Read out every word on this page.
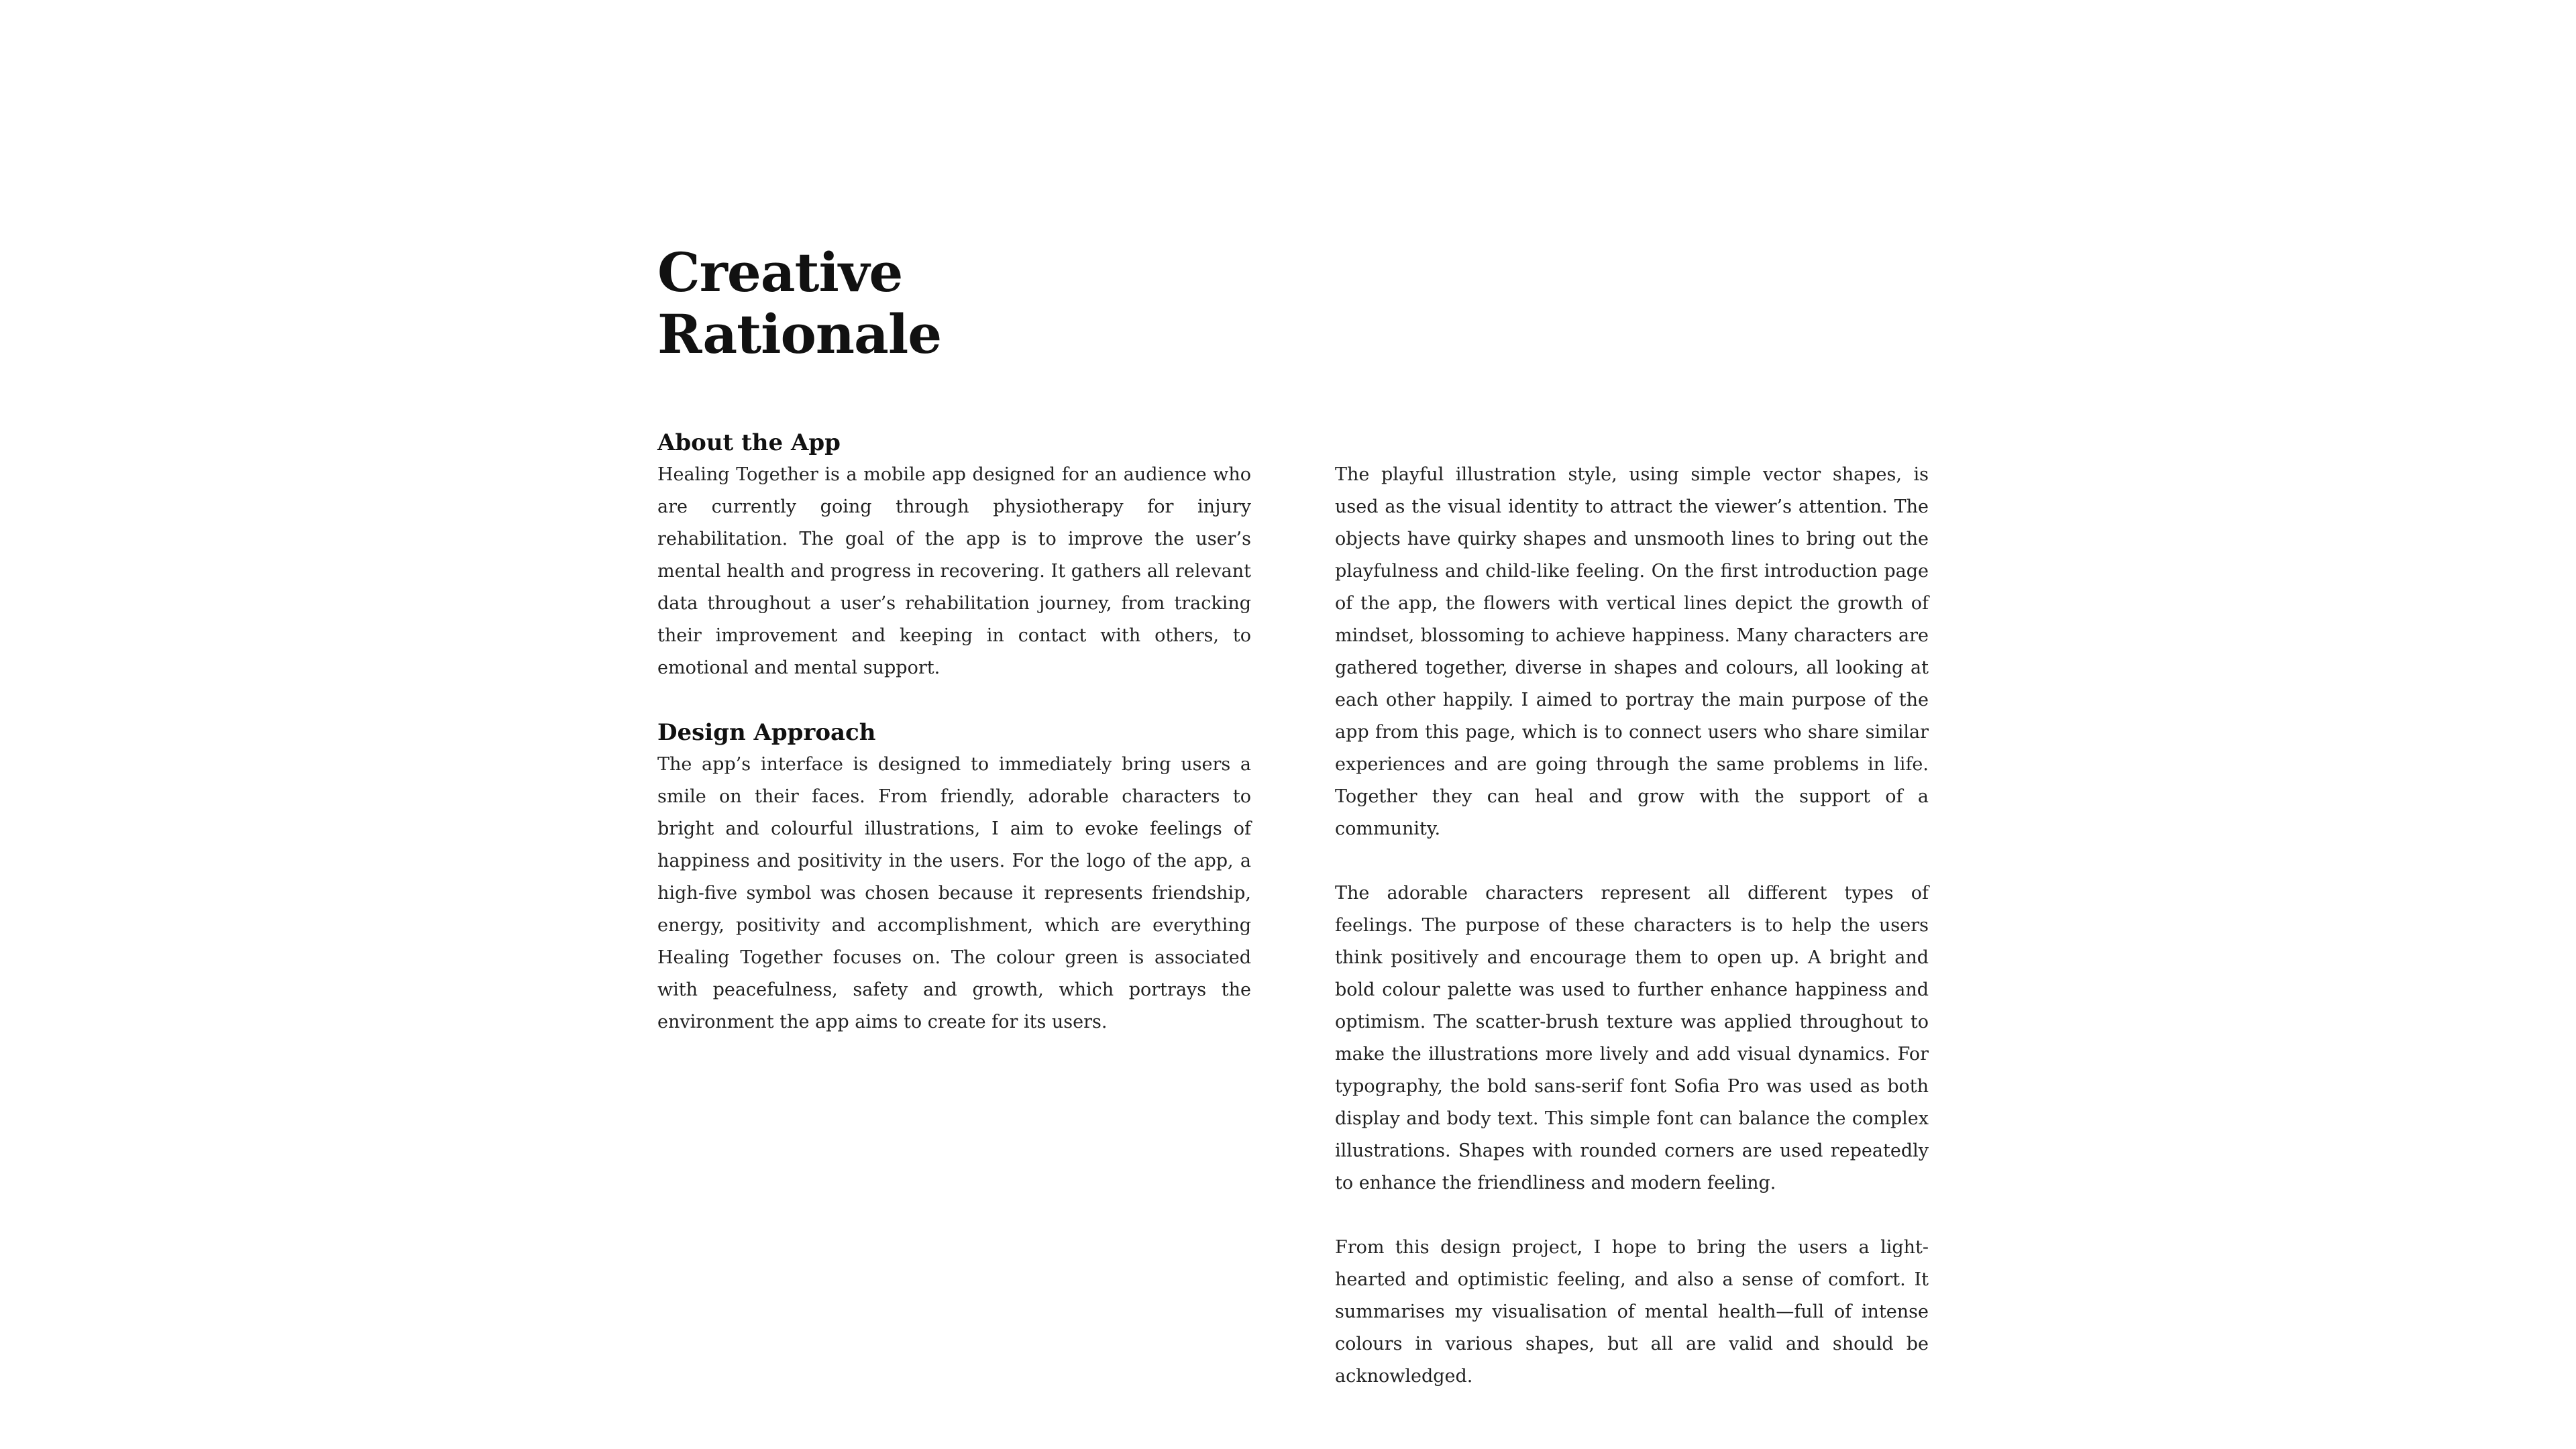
Creative
Rationale
About the App

Healing Together is a mobile app designed for an audience who are currently going through physiotherapy for injury rehabilitation. The goal of the app is to improve the user’s mental health and progress in recovering. It gathers all relevant data throughout a user’s rehabilitation journey, from tracking their improvement and keeping in contact with others, to emotional and mental support.

Design Approach

The app’s interface is designed to immediately bring users a smile on their faces. From friendly, adorable characters to bright and colourful illustrations, I aim to evoke feelings of happiness and positivity in the users. For the logo of the app, a high-five symbol was chosen because it represents friendship, energy, positivity and accomplishment, which are everything Healing Together focuses on. The colour green is associated with peacefulness, safety and growth, which portrays the environment the app aims to create for its users.

The playful illustration style, using simple vector shapes, is used as the visual identity to attract the viewer’s attention. The objects have quirky shapes and unsmooth lines to bring out the playfulness and child-like feeling. On the first introduction page of the app, the flowers with vertical lines depict the growth of mindset, blossoming to achieve happiness. Many characters are gathered together, diverse in shapes and colours, all looking at each other happily. I aimed to portray the main purpose of the app from this page, which is to connect users who share similar experiences and are going through the same problems in life. Together they can heal and grow with the support of a community.

The adorable characters represent all different types of feelings. The purpose of these characters is to help the users think positively and encourage them to open up. A bright and bold colour palette was used to further enhance happiness and optimism. The scatter-brush texture was applied throughout to make the illustrations more lively and add visual dynamics. For typography, the bold sans-serif font Sofia Pro was used as both display and body text. This simple font can balance the complex illustrations. Shapes with rounded corners are used repeatedly to enhance the friendliness and modern feeling.

From this design project, I hope to bring the users a light-hearted and optimistic feeling, and also a sense of comfort. It summarises my visualisation of mental health—full of intense colours in various shapes, but all are valid and should be acknowledged.
